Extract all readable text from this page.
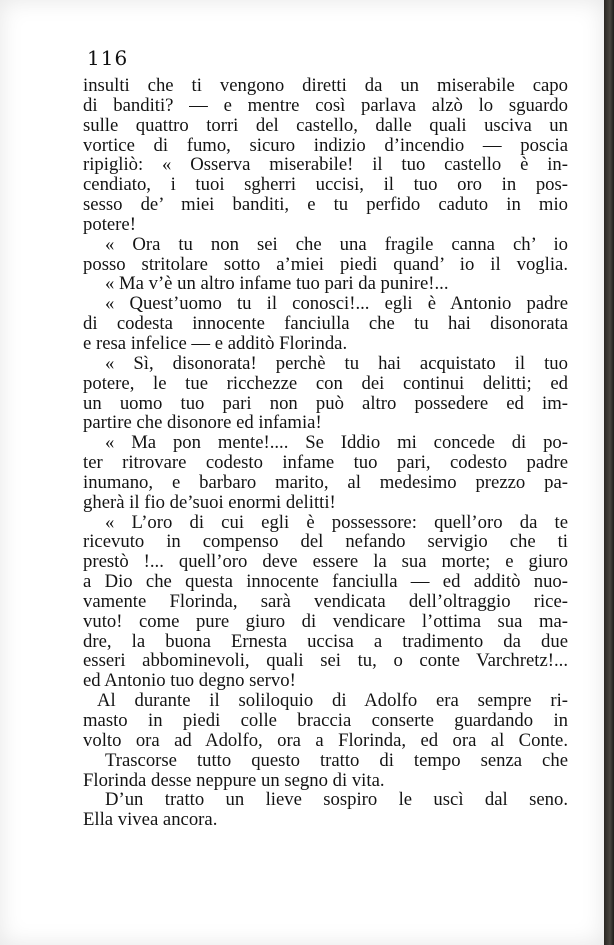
116
insulti che ti vengono diretti da un miserabile capo
di banditi? — e mentre così parlava alzò lo sguardo
sulle quattro torri del castello, dalle quali usciva un
vortice di fumo, sicuro indizio d’incendio — poscia
ripigliò: « Osserva miserabile! il tuo castello è in-
cendiato, i tuoi sgherri uccisi, il tuo oro in pos-
sesso de’ miei banditi, e tu perfido caduto in mio
potere!
« Ora tu non sei che una fragile canna ch’ io
posso stritolare sotto a’miei piedi quand’ io il voglia.
« Ma v’è un altro infame tuo pari da punire!...
« Quest’uomo tu il conosci!... egli è Antonio padre
di codesta innocente fanciulla che tu hai disonorata
e resa infelice — e additò Florinda.
« Sì, disonorata! perchè tu hai acquistato il tuo
potere, le tue ricchezze con dei continui delitti; ed
un uomo tuo pari non può altro possedere ed im-
partire che disonore ed infamia!
« Ma pon mente!.... Se Iddio mi concede di po-
ter ritrovare codesto infame tuo pari, codesto padre
inumano, e barbaro marito, al medesimo prezzo pa-
gherà il fio de’suoi enormi delitti!
« L’oro di cui egli è possessore: quell’oro da te
ricevuto in compenso del nefando servigio che ti
prestò !... quell’oro deve essere la sua morte; e giuro
a Dio che questa innocente fanciulla — ed additò nuo-
vamente Florinda, sarà vendicata dell’oltraggio rice-
vuto! come pure giuro di vendicare l’ottima sua ma-
dre, la buona Ernesta uccisa a tradimento da due
esseri abbominevoli, quali sei tu, o conte Varchretz!...
ed Antonio tuo degno servo!
Al durante il soliloquio di Adolfo era sempre ri-
masto in piedi colle braccia conserte guardando in
volto ora ad Adolfo, ora a Florinda, ed ora al Conte.
Trascorse tutto questo tratto di tempo senza che
Florinda desse neppure un segno di vita.
D’un tratto un lieve sospiro le uscì dal seno.
Ella vivea ancora.
